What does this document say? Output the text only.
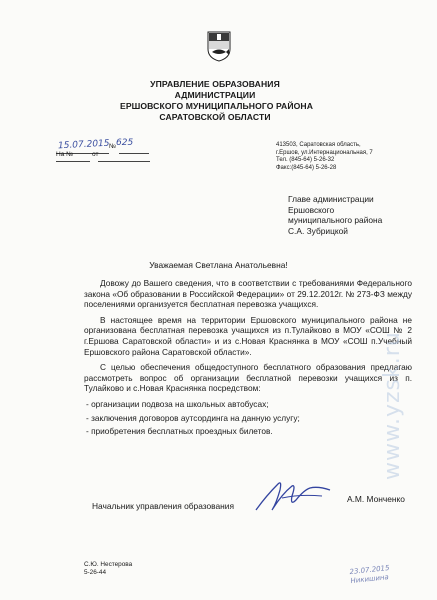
УПРАВЛЕНИЕ ОБРАЗОВАНИЯ
АДМИНИСТРАЦИИ
ЕРШОВСКОГО МУНИЦИПАЛЬНОГО РАЙОНА
САРАТОВСКОЙ ОБЛАСТИ
15.07.2015 625
№
На №	от
413503, Саратовская область,
г.Ершов, ул.Интернациональная, 7
Тел. (845-64) 5-26-32
Факс:(845-64) 5-26-28
Главе администрации
Ершовского
муниципального района
С.А. Зубрицкой
Уважаемая Светлана Анатольевна!

Довожу до Вашего сведения, что в соответствии с требованиями Федерального закона «Об образовании в Российской Федерации» от 29.12.2012г. № 273-ФЗ между поселениями организуется бесплатная перевозка учащихся.

В настоящее время на территории Ершовского муниципального района не организована бесплатная перевозка учащихся из п.Тулайково в МОУ «СОШ № 2 г.Ершова Саратовской области» и из с.Новая Краснянка в МОУ «СОШ п.Учебный Ершовского района Саратовской области».

С целью обеспечения общедоступного бесплатного образования предлагаю рассмотреть вопрос об организации бесплатной перевозки учащихся из п. Тулайково и с.Новая Краснянка посредством:

- организации подвоза на школьных автобусах;
- заключения договоров аутсординга на данную услугу;
- приобретения бесплатных проездных билетов.
Начальник управления образования
А.М. Монченко
С.Ю. Нестерова
5-26-44
www.yzsk.ru
23.07.2015
Никишина
